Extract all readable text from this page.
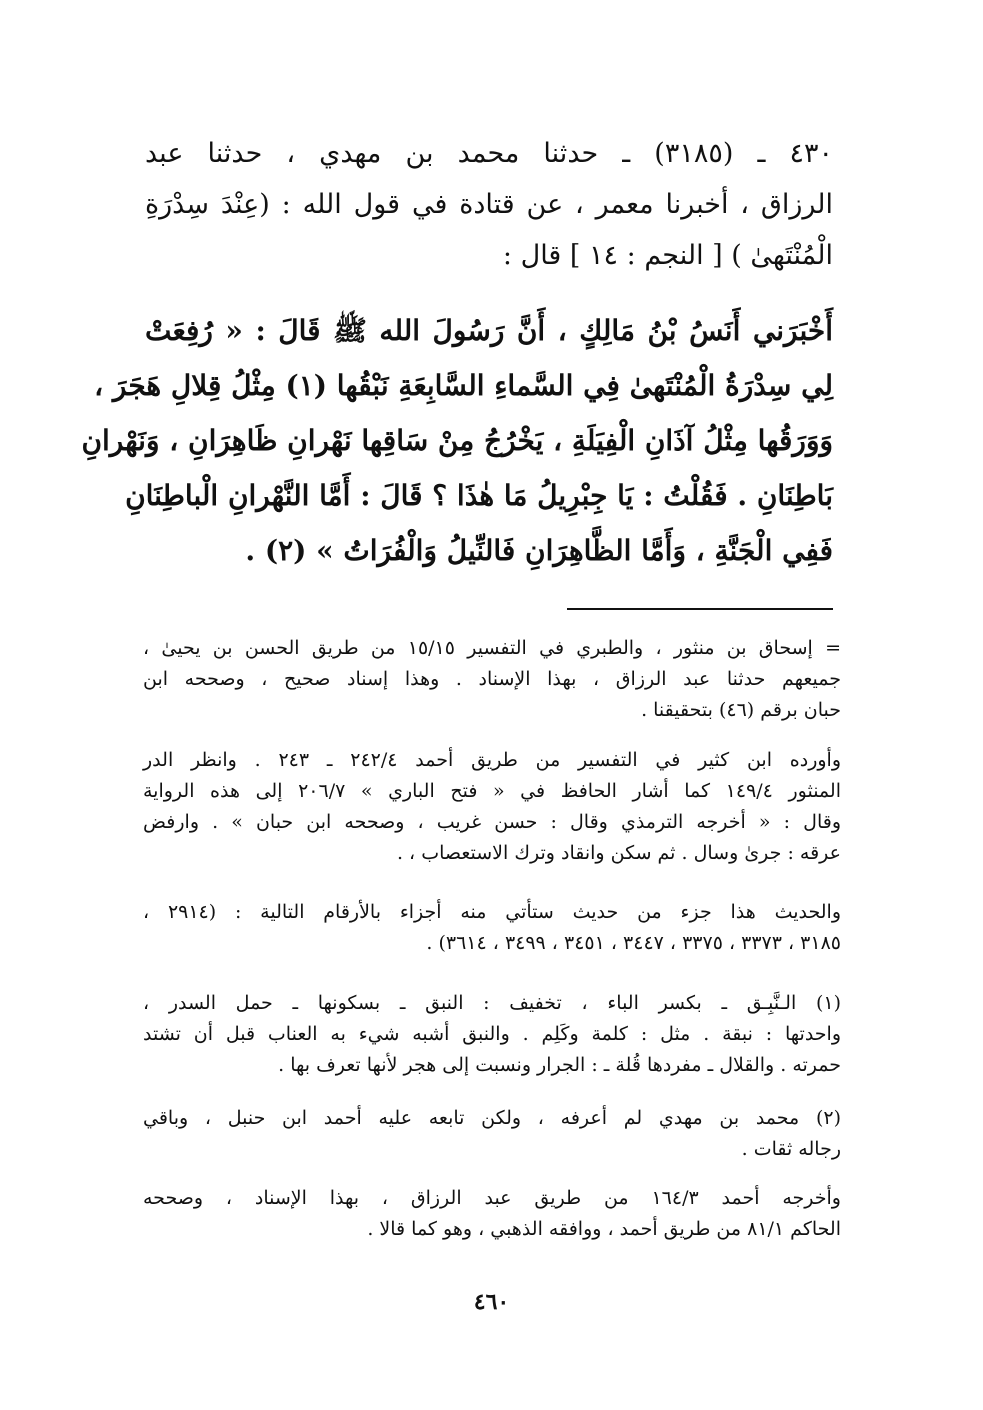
٤٣٠ ـ (٣١٨٥) ـ حدثنا محمد بن مهدي ، حدثنا عبد
الرزاق ، أخبرنا معمر ، عن قتادة في قول الله : (عِنْدَ سِدْرَةِ
الْمُنْتَهىٰ ) [ النجم : ١٤ ] قال :
أَخْبَرَني أَنَسُ بْنُ مَالِكٍ ، أَنَّ رَسُولَ الله ﷺ قَالَ : « رُفِعَتْ
لِي سِدْرَةُ الْمُنْتَهىٰ فِي السَّماءِ السَّابِعَةِ نَبْقُها (١) مِثْلُ قِلالِ هَجَرَ ،
وَوَرَقُها مِثْلُ آذَانِ الْفِيَلَةِ ، يَخْرُجُ مِنْ سَاقِها نَهْرانِ ظَاهِرَانِ ، وَنَهْرانِ
بَاطِنَانِ . فَقُلْتُ : يَا جِبْرِيلُ مَا هٰذَا ؟ قَالَ : أَمَّا النَّهْرانِ الْباطِنَانِ
فَفِي الْجَنَّةِ ، وَأَمَّا الظَّاهِرَانِ فَالنِّيلُ وَالْفُرَاتُ » (٢) .
= إسحاق بن منثور ، والطبري في التفسير ١٥/١٥ من طريق الحسن بن يحيىٰ ،
جميعهم حدثنا عبد الرزاق ، بهذا الإسناد . وهذا إسناد صحيح ، وصححه ابن
حبان برقم (٤٦) بتحقيقنا .
وأورده ابن كثير في التفسير من طريق أحمد ٢٤٢/٤ ـ ٢٤٣ . وانظر الدر
المنثور ١٤٩/٤ كما أشار الحافظ في « فتح الباري » ٢٠٦/٧ إلى هذه الرواية
وقال : « أخرجه الترمذي وقال : حسن غريب ، وصححه ابن حبان » . وارفض
عرقه : جرىٰ وسال . ثم سكن وانقاد وترك الاستعصاب ، .
والحديث هذا جزء من حديث ستأتي منه أجزاء بالأرقام التالية : (٢٩١٤ ،
٣١٨٥ ، ٣٣٧٣ ، ٣٣٧٥ ، ٣٤٤٧ ، ٣٤٥١ ، ٣٤٩٩ ، ٣٦١٤) .
(١) الـنَّبِـق ـ بكسر الباء ، تخفيف : النبق ـ بسكونها ـ حمل السدر ،
واحدتها : نبقة . مثل : كلمة وكَلِم . والنبق أشبه شيء به العناب قبل أن تشتد
حمرته . والقلال ـ مفردها قُلة ـ : الجرار ونسبت إلى هجر لأنها تعرف بها .
(٢) محمد بن مهدي لم أعرفه ، ولكن تابعه عليه أحمد ابن حنبل ، وباقي
رجاله ثقات .
وأخرجه أحمد ١٦٤/٣ من طريق عبد الرزاق ، بهذا الإسناد ، وصححه
الحاكم ٨١/١ من طريق أحمد ، ووافقه الذهبي ، وهو كما قالا .
٤٦٠
